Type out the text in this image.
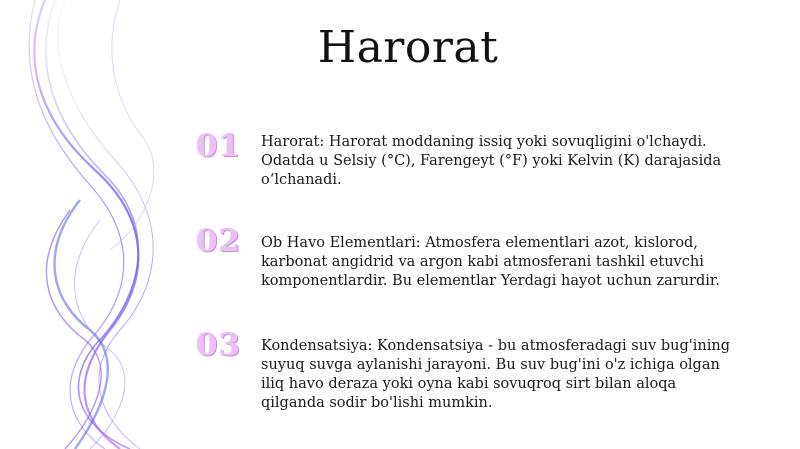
Harorat
01	Harorat: Harorat moddaning issiq yoki sovuqligini o'lchaydi. Odatda u Selsiy (°C), Farengeyt (°F) yoki Kelvin (K) darajasida o‘lchanadi.
02	Ob Havo Elementlari: Atmosfera elementlari azot, kislorod, karbonat angidrid va argon kabi atmosferani tashkil etuvchi komponentlardir. Bu elementlar Yerdagi hayot uchun zarurdir.
03	Kondensatsiya: Kondensatsiya - bu atmosferadagi suv bug'ining suyuq suvga aylanishi jarayoni. Bu suv bug'ini o'z ichiga olgan iliq havo deraza yoki oyna kabi sovuqroq sirt bilan aloqa qilganda sodir bo'lishi mumkin.
